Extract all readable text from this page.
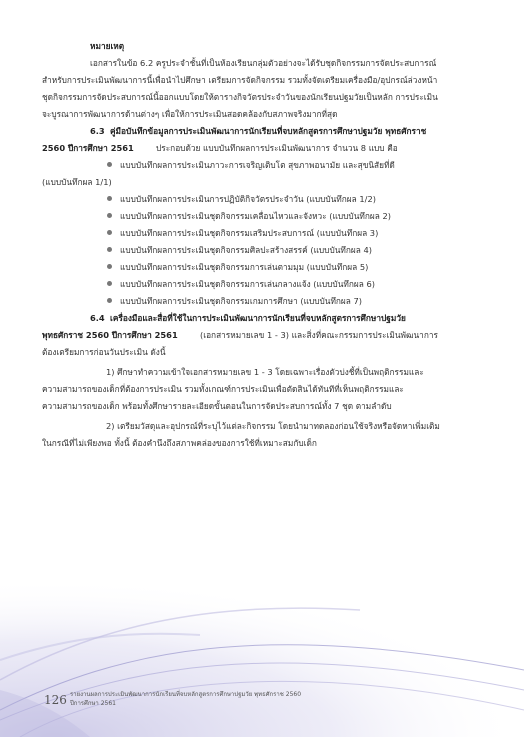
หมายเหตุ
เอกสารในข้อ 6.2 ครูประจำชั้นที่เป็นห้องเรียนกลุ่มตัวอย่างจะได้รับชุดกิจกรรมการจัดประสบการณ์
สำหรับการประเมินพัฒนาการนี้เพื่อนำไปศึกษา เตรียมการจัดกิจกรรม รวมทั้งจัดเตรียมเครื่องมือ/อุปกรณ์ล่วงหน้า
ชุดกิจกรรมการจัดประสบการณ์นี้ออกแบบโดยให้ตารางกิจวัตรประจำวันของนักเรียนปฐมวัยเป็นหลัก การประเมิน
จะบูรณาการพัฒนาการด้านต่างๆ เพื่อให้การประเมินสอดคล้องกับสภาพจริงมากที่สุด
6.3 คู่มือบันทึกข้อมูลการประเมินพัฒนาการนักเรียนที่จบหลักสูตรการศึกษาปฐมวัย พุทธศักราช
2560 ปีการศึกษา 2561	ประกอบด้วย แบบบันทึกผลการประเมินพัฒนาการ จำนวน 8 แบบ คือ
แบบบันทึกผลการประเมินภาวะการเจริญเติบโต สุขภาพอนามัย และสุขนิสัยที่ดี
(แบบบันทึกผล 1/1)
แบบบันทึกผลการประเมินการปฏิบัติกิจวัตรประจำวัน (แบบบันทึกผล 1/2)
แบบบันทึกผลการประเมินชุดกิจกรรมเคลื่อนไหวและจังหวะ (แบบบันทึกผล 2)
แบบบันทึกผลการประเมินชุดกิจกรรมเสริมประสบการณ์ (แบบบันทึกผล 3)
แบบบันทึกผลการประเมินชุดกิจกรรมศิลปะสร้างสรรค์ (แบบบันทึกผล 4)
แบบบันทึกผลการประเมินชุดกิจกรรมการเล่นตามมุม (แบบบันทึกผล 5)
แบบบันทึกผลการประเมินชุดกิจกรรมการเล่นกลางแจ้ง (แบบบันทึกผล 6)
แบบบันทึกผลการประเมินชุดกิจกรรมเกมการศึกษา (แบบบันทึกผล 7)
6.4 เครื่องมือและสื่อที่ใช้ในการประเมินพัฒนาการนักเรียนที่จบหลักสูตรการศึกษาปฐมวัย
พุทธศักราช 2560 ปีการศึกษา 2561	(เอกสารหมายเลข 1 - 3) และสิ่งที่คณะกรรมการประเมินพัฒนาการ
ต้องเตรียมการก่อนวันประเมิน ดังนี้
1) ศึกษาทำความเข้าใจเอกสารหมายเลข 1 - 3 โดยเฉพาะเรื่องตัวบ่งชี้ที่เป็นพฤติกรรมและ
ความสามารถของเด็กที่ต้องการประเมิน รวมทั้งเกณฑ์การประเมินเพื่อตัดสินได้ทันทีที่เห็นพฤติกรรมและ
ความสามารถของเด็ก พร้อมทั้งศึกษารายละเอียดขั้นตอนในการจัดประสบการณ์ทั้ง 7 ชุด ตามลำดับ
2) เตรียมวัสดุและอุปกรณ์ที่ระบุไว้แต่ละกิจกรรม โดยนำมาทดลองก่อนใช้จริงหรือจัดหาเพิ่มเติม
ในกรณีที่ไม่เพียงพอ ทั้งนี้ ต้องคำนึงถึงสภาพคล่องของการใช้ที่เหมาะสมกับเด็ก
126 รายงานผลการประเมินพัฒนาการนักเรียนที่จบหลักสูตรการศึกษาปฐมวัย พุทธศักราช 2560
ปีการศึกษา 2561
